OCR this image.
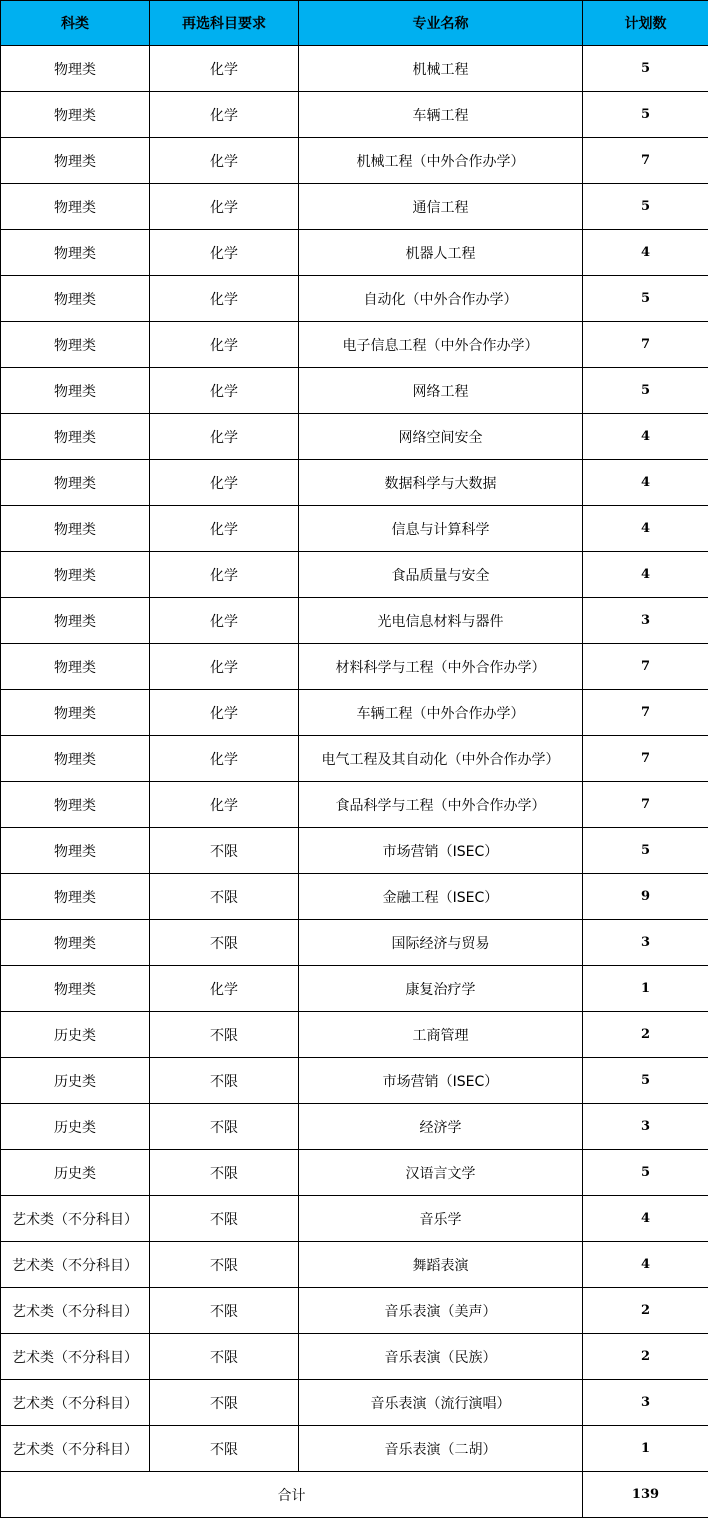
科类	再选科目要求	专业名称	计划数
物理类	化学	机械工程	5
物理类	化学	车辆工程	5
物理类	化学	机械工程（中外合作办学）	7
物理类	化学	通信工程	5
物理类	化学	机器人工程	4
物理类	化学	自动化（中外合作办学）	5
物理类	化学	电子信息工程（中外合作办学）	7
物理类	化学	网络工程	5
物理类	化学	网络空间安全	4
物理类	化学	数据科学与大数据	4
物理类	化学	信息与计算科学	4
物理类	化学	食品质量与安全	4
物理类	化学	光电信息材料与器件	3
物理类	化学	材料科学与工程（中外合作办学）	7
物理类	化学	车辆工程（中外合作办学）	7
物理类	化学	电气工程及其自动化（中外合作办学）	7
物理类	化学	食品科学与工程（中外合作办学）	7
物理类	不限	市场营销（ISEC）	5
物理类	不限	金融工程（ISEC）	9
物理类	不限	国际经济与贸易	3
物理类	化学	康复治疗学	1
历史类	不限	工商管理	2
历史类	不限	市场营销（ISEC）	5
历史类	不限	经济学	3
历史类	不限	汉语言文学	5
艺术类（不分科目）	不限	音乐学	4
艺术类（不分科目）	不限	舞蹈表演	4
艺术类（不分科目）	不限	音乐表演（美声）	2
艺术类（不分科目）	不限	音乐表演（民族）	2
艺术类（不分科目）	不限	音乐表演（流行演唱）	3
艺术类（不分科目）	不限	音乐表演（二胡）	1
合计			139
